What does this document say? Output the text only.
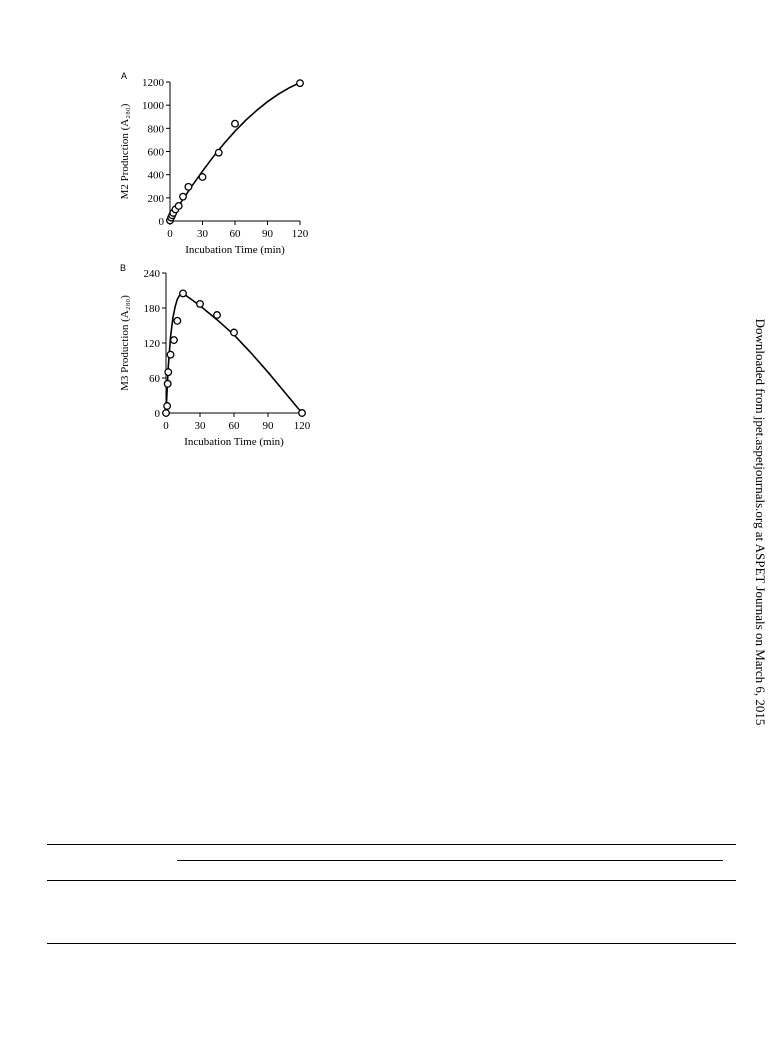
A
B
0
200
400
600
800
1000
1200
0 30 60 90 120
Incubation Time (min)
M2 Production (A₂₈₀)
0
60
120
180
240
0 30 60 90 120
Incubation Time (min)
M3 Production (A₂₈₀)	Downloaded from jpet.aspetjournals.org at ASPET Journals on March 6, 2015
